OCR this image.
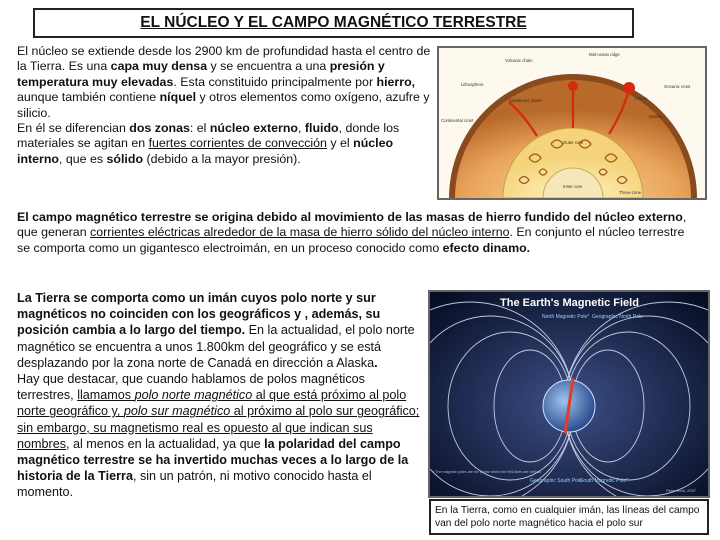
EL NÚCLEO Y EL CAMPO MAGNÉTICO TERRESTRE
El núcleo se extiende desde los 2900 km de profundidad hasta el centro de la Tierra. Es una capa muy densa y se encuentra a una presión y temperatura muy elevadas. Esta constituido principalmente por hierro, aunque también contiene níquel y otros elementos como oxígeno, azufre y silicio.
En él se diferencian dos zonas: el núcleo externo, fluido, donde los materiales se agitan en fuertes corrientes de convección y el núcleo interno, que es sólido (debido a la mayor presión).
Mid-ocean ridge
Volcanic chain
Lithosphere
Subducted plates	Plume
Outer core
Inner core
Continental crust
Oceanic crust
Mantle
Three-zone
El campo magnético terrestre se origina debido al movimiento de las masas de hierro fundido del núcleo externo, que generan corrientes eléctricas alrededor de la masa de hierro sólido del núcleo interno. En conjunto el núcleo terrestre se comporta como un gigantesco electroimán, en un proceso conocido como efecto dinamo.
La Tierra se comporta como un imán cuyos polo norte y sur magnéticos no coinciden con los geográficos y , además, su posición cambia a lo largo del tiempo. En la actualidad, el polo norte magnético se encuentra a unos 1.800km del geográfico y se está desplazando por la zona norte de Canadá en dirección a Alaska.
Hay que destacar, que cuando hablamos de polos magnéticos terrestres, llamamos polo norte magnético al que está próximo al polo norte geográfico y, polo sur magnético al próximo al polo sur geográfico; sin embargo, su magnetismo real es opuesto al que indican sus nombres, al menos en la actualidad, ya que la polaridad del campo magnético terrestre se ha invertido muchas veces a lo largo de la historia de la Tierra, sin un patrón, ni motivo conocido hasta el momento.
The Earth's Magnetic Field
North Magnetic Pole* Geographic North Pole
Geographic South Pole
South Magnetic Pole*
* The magnetic poles are the points where the field lines are vertical
Peter Reid, 2007
En la Tierra, como en cualquier imán, las líneas del campo van del polo norte magnético hacia el polo sur
